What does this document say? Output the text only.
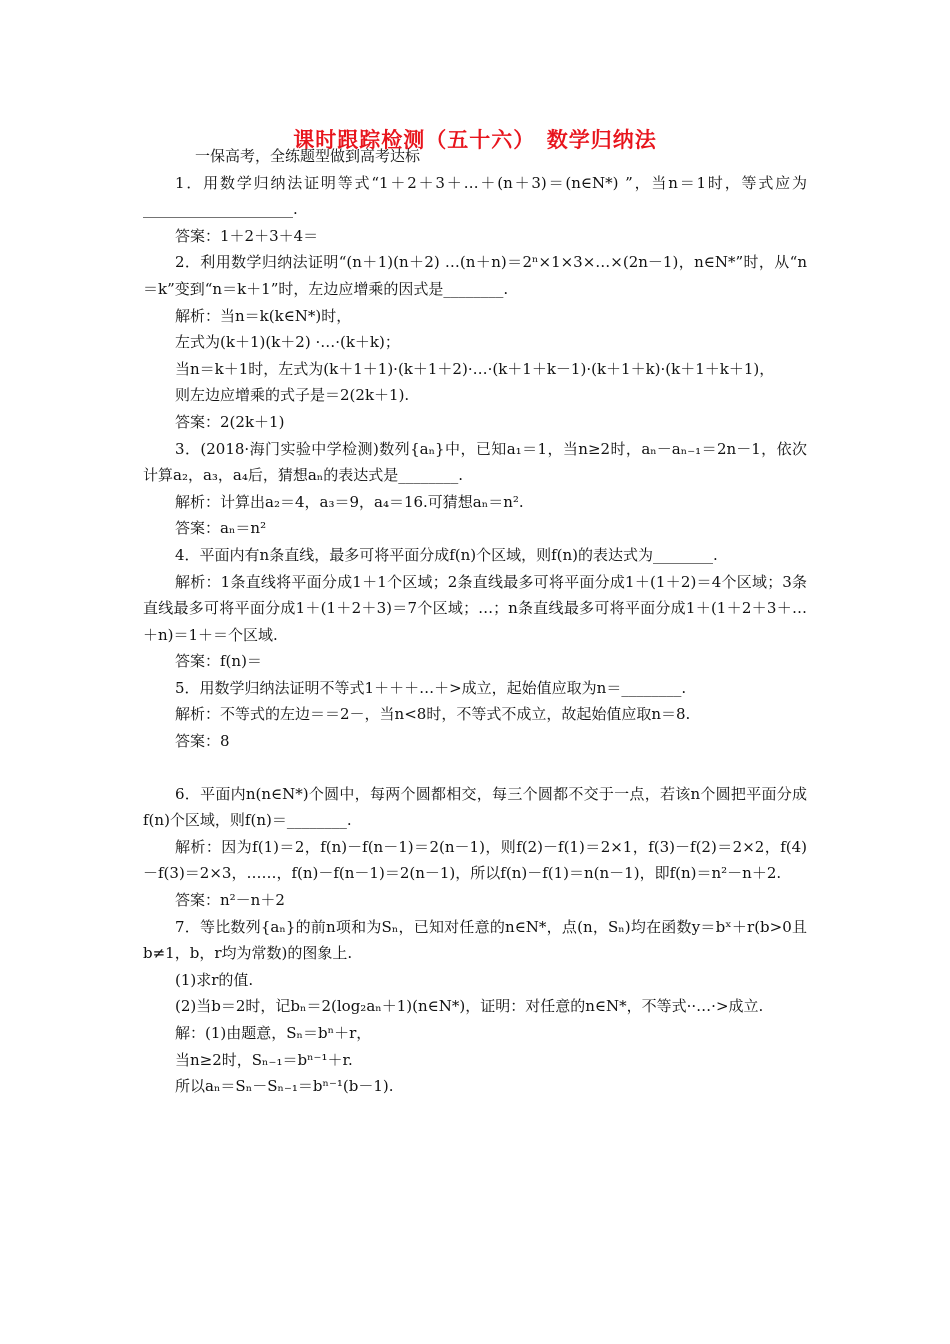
课时跟踪检测（五十六）　数学归纳法

一保高考，全练题型做到高考达标

1．用数学归纳法证明等式“1＋2＋3＋…＋(n＋3)＝(n∈N*) ”，当n＝1时，等式应为____________________.

答案：1＋2＋3＋4＝

2．利用数学归纳法证明“(n＋1)(n＋2) …(n＋n)＝2ⁿ×1×3×…×(2n－1)，n∈N*”时，从“n＝k”变到“n＝k＋1”时，左边应增乘的因式是________.

解析：当n＝k(k∈N*)时，

左式为(k＋1)(k＋2) ·…·(k＋k)；

当n＝k＋1时，左式为(k＋1＋1)·(k＋1＋2)·…·(k＋1＋k－1)·(k＋1＋k)·(k＋1＋k＋1)，

则左边应增乘的式子是＝2(2k＋1).

答案：2(2k＋1)

3．(2018·海门实验中学检测)数列{aₙ}中，已知a₁＝1，当n≥2时，aₙ－aₙ₋₁＝2n－1，依次计算a₂，a₃，a₄后，猜想aₙ的表达式是________.

解析：计算出a₂＝4，a₃＝9，a₄＝16.可猜想aₙ＝n².

答案：aₙ＝n²

4．平面内有n条直线，最多可将平面分成f(n)个区域，则f(n)的表达式为________.

解析：1条直线将平面分成1＋1个区域；2条直线最多可将平面分成1＋(1＋2)＝4个区域；3条直线最多可将平面分成1＋(1＋2＋3)＝7个区域；…；n条直线最多可将平面分成1＋(1＋2＋3＋…＋n)＝1＋＝个区域.

答案：f(n)＝

5．用数学归纳法证明不等式1＋＋＋…＋>成立，起始值应取为n＝________.

解析：不等式的左边＝＝2－，当n<8时，不等式不成立，故起始值应取n＝8.

答案：8

6．平面内n(n∈N*)个圆中，每两个圆都相交，每三个圆都不交于一点，若该n个圆把平面分成f(n)个区域，则f(n)＝________.

解析：因为f(1)＝2，f(n)－f(n－1)＝2(n－1)，则f(2)－f(1)＝2×1，f(3)－f(2)＝2×2，f(4)－f(3)＝2×3，……，f(n)－f(n－1)＝2(n－1)，所以f(n)－f(1)＝n(n－1)，即f(n)＝n²－n＋2.

答案：n²－n＋2

7．等比数列{aₙ}的前n项和为Sₙ，已知对任意的n∈N*，点(n，Sₙ)均在函数y＝bˣ＋r(b>0且b≠1，b，r均为常数)的图象上.

(1)求r的值.

(2)当b＝2时，记bₙ＝2(log₂aₙ＋1)(n∈N*)，证明：对任意的n∈N*，不等式··…·>成立.

解：(1)由题意，Sₙ＝bⁿ＋r，

当n≥2时，Sₙ₋₁＝bⁿ⁻¹＋r.

所以aₙ＝Sₙ－Sₙ₋₁＝bⁿ⁻¹(b－1).
